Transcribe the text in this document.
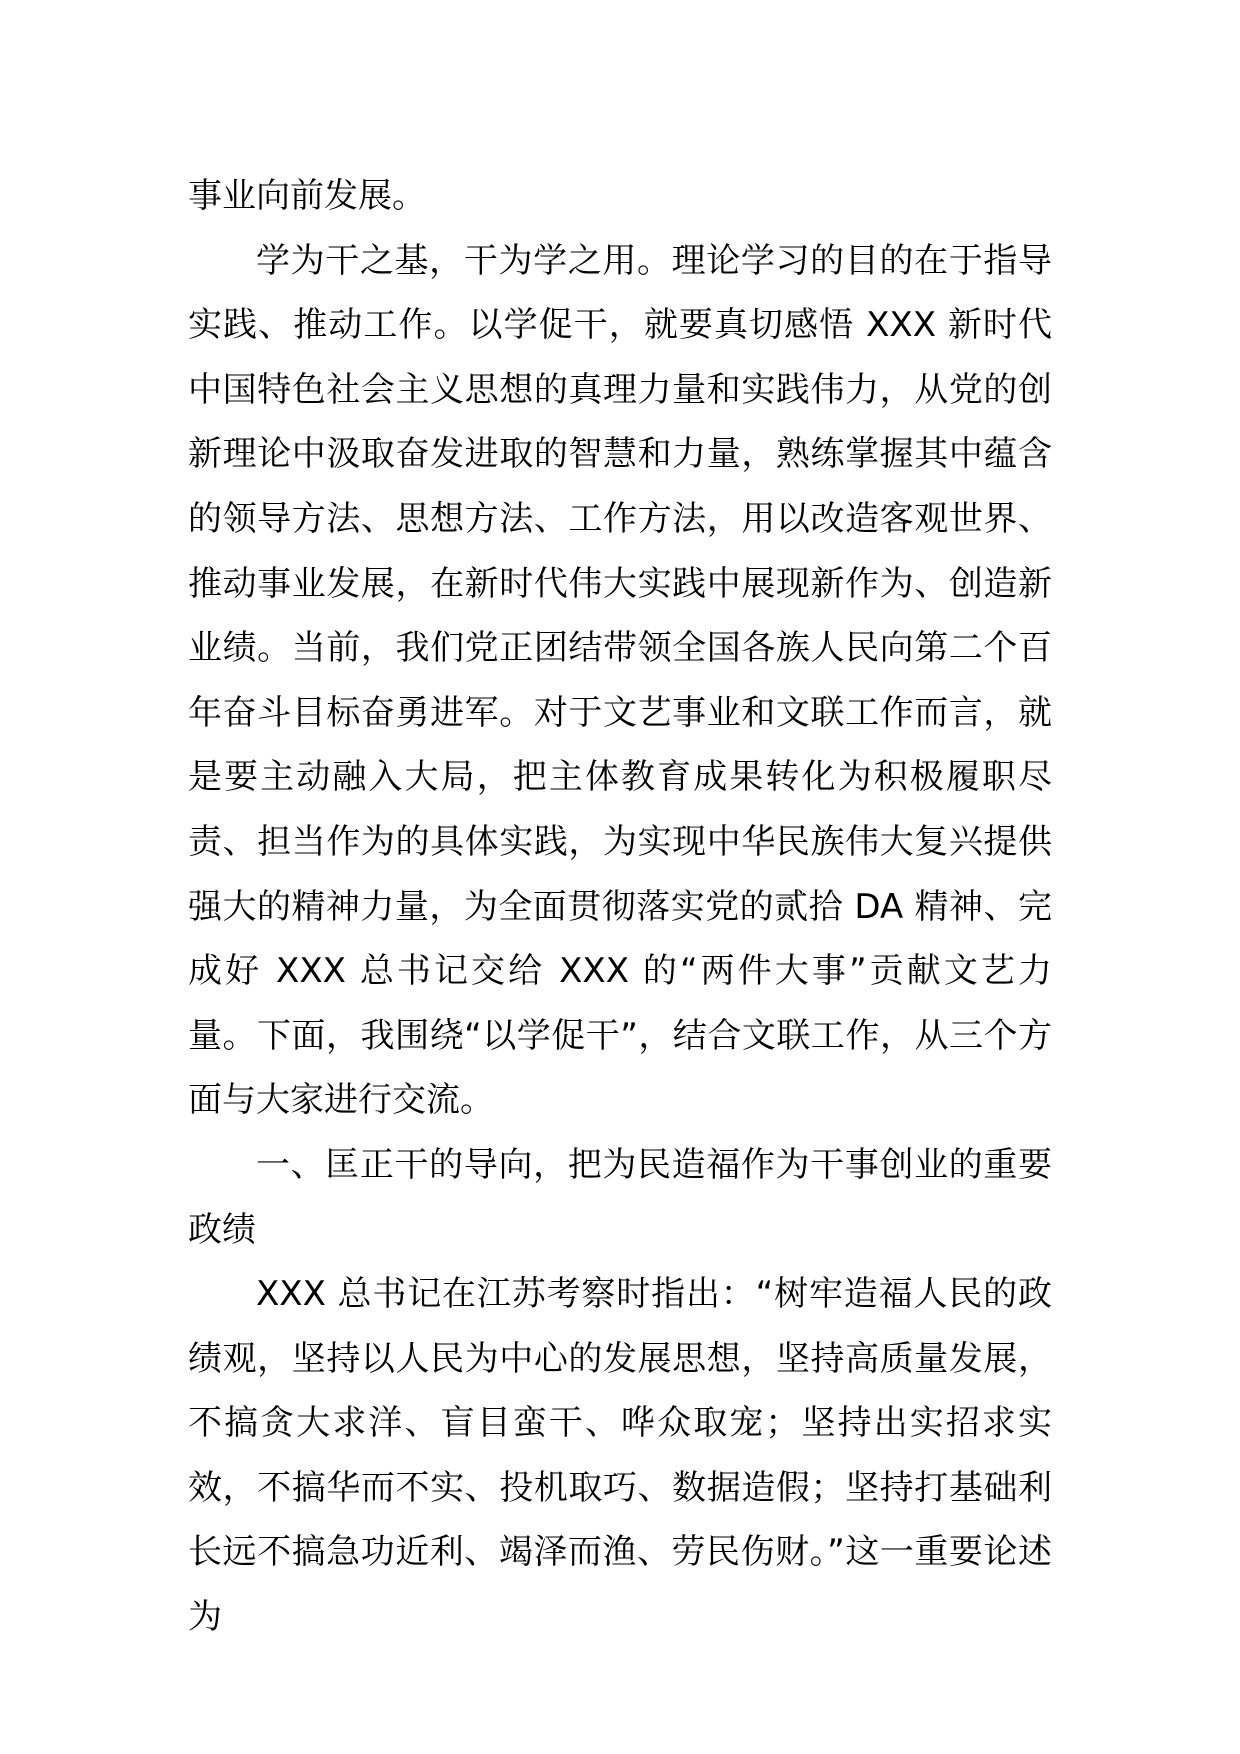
事业向前发展。

学为干之基，干为学之用。理论学习的目的在于指导实践、推动工作。以学促干，就要真切感悟 XXX 新时代中国特色社会主义思想的真理力量和实践伟力，从党的创新理论中汲取奋发进取的智慧和力量，熟练掌握其中蕴含的领导方法、思想方法、工作方法，用以改造客观世界、推动事业发展，在新时代伟大实践中展现新作为、创造新业绩。当前，我们党正团结带领全国各族人民向第二个百年奋斗目标奋勇进军。对于文艺事业和文联工作而言，就是要主动融入大局，把主体教育成果转化为积极履职尽责、担当作为的具体实践，为实现中华民族伟大复兴提供强大的精神力量，为全面贯彻落实党的贰拾 DA 精神、完成好 XXX 总书记交给 XXX 的“两件大事”贡献文艺力量。下面，我围绕“以学促干”，结合文联工作，从三个方面与大家进行交流。

一、匡正干的导向，把为民造福作为干事创业的重要政绩

XXX 总书记在江苏考察时指出：“树牢造福人民的政绩观，坚持以人民为中心的发展思想，坚持高质量发展，不搞贪大求洋、盲目蛮干、哗众取宠；坚持出实招求实效，不搞华而不实、投机取巧、数据造假；坚持打基础利长远不搞急功近利、竭泽而渔、劳民伤财。”这一重要论述为
